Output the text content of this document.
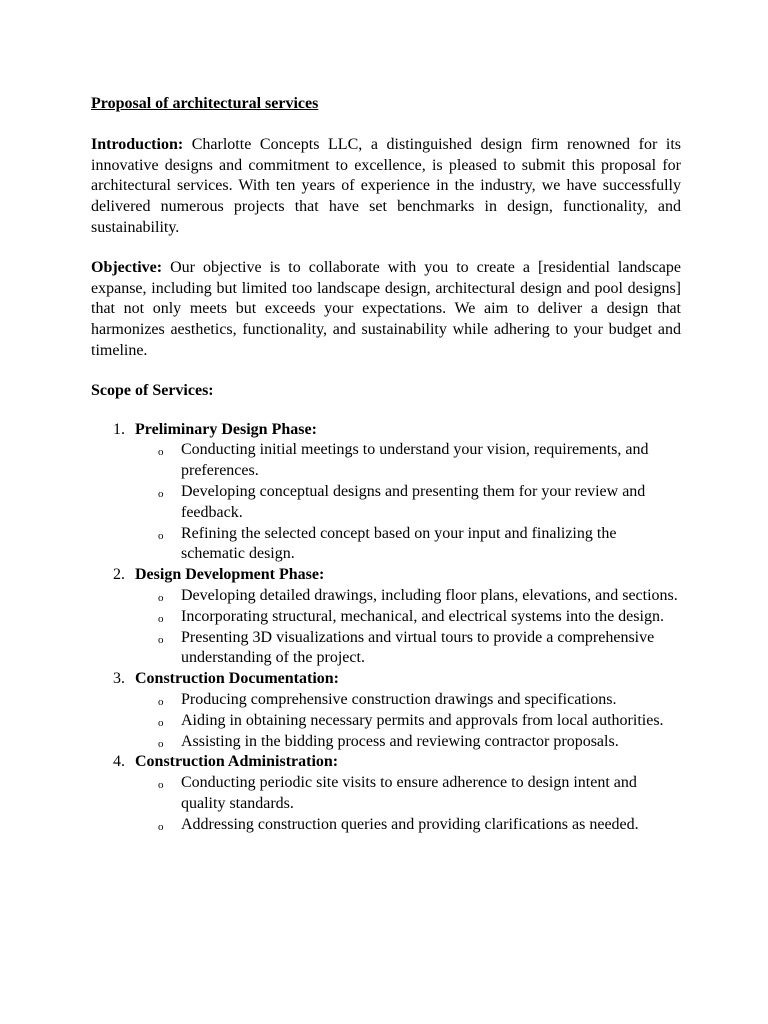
Proposal of architectural services

Introduction: Charlotte Concepts LLC, a distinguished design firm renowned for its innovative designs and commitment to excellence, is pleased to submit this proposal for architectural services. With ten years of experience in the industry, we have successfully delivered numerous projects that have set benchmarks in design, functionality, and sustainability.

Objective: Our objective is to collaborate with you to create a [residential landscape expanse, including but limited too landscape design, architectural design and pool designs] that not only meets but exceeds your expectations. We aim to deliver a design that harmonizes aesthetics, functionality, and sustainability while adhering to your budget and timeline.

Scope of Services:
1. Preliminary Design Phase:
o Conducting initial meetings to understand your vision, requirements, and preferences.
o Developing conceptual designs and presenting them for your review and feedback.
o Refining the selected concept based on your input and finalizing the schematic design.
2. Design Development Phase:
o Developing detailed drawings, including floor plans, elevations, and sections.
o Incorporating structural, mechanical, and electrical systems into the design.
o Presenting 3D visualizations and virtual tours to provide a comprehensive understanding of the project.
3. Construction Documentation:
o Producing comprehensive construction drawings and specifications.
o Aiding in obtaining necessary permits and approvals from local authorities.
o Assisting in the bidding process and reviewing contractor proposals.
4. Construction Administration:
o Conducting periodic site visits to ensure adherence to design intent and quality standards.
o Addressing construction queries and providing clarifications as needed.
